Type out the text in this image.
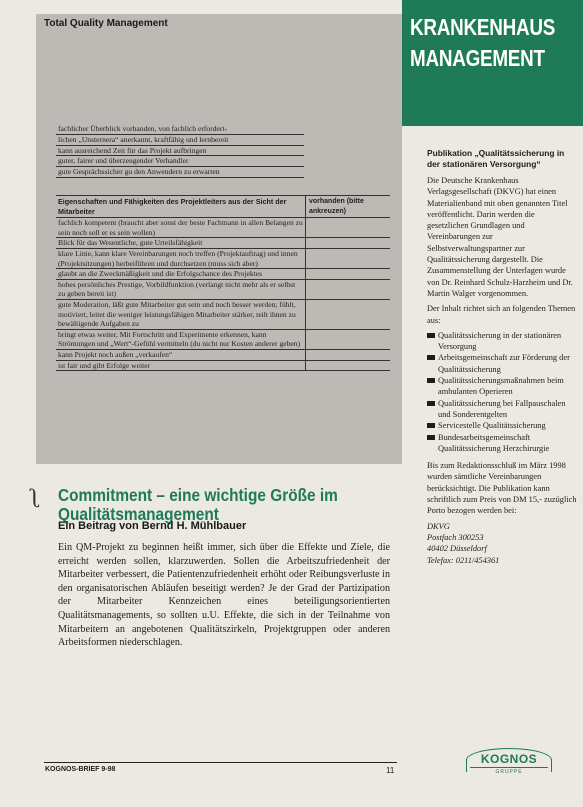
Total Quality Management
fachlicher Überblick vorhanden, von fachlich erfordert-
lichen „Unsternera“ anerkannt, kraftfähig und lernbereit
kann ausreichend Zeit für das Projekt aufbringen
guter, fairer und überzeugender Verhandler
gute Gesprächssicher gu den Anwendern zu erwarten
Eigenschaften und Fähigkeiten des Projektleiters aus der Sicht der Mitarbeiter
vorhanden (bitte ankreuzen)
fachlich kompetent (braucht aber sonst der beste Fachmann in allen Belangen zu sein noch soll er es sein wollen)
Blick für das Wesentliche, gute Urteilsfähigkeit
klare Linie, kann klare Vereinbarungen noch treffen (Projektauftrag) und innen (Projektsitzungen) herbeiführen und durchsetzen (muss sich aber)
glaubt an die Zweckmäßigkeit und die Erfolgschance des Projektes
hohes persönliches Prestige, Vorbildfunktion (verlangt nicht mehr als er selbst zu geben bereit ist)
gute Moderation, läßt gute Mitarbeiter gut sein und noch besser werden; fühlt, motiviert, leitet die weniger leistungsfähigen Mitarbeiter stärker, teilt ihnen zu bewältigende Aufgaben zu
bringt etwas weiter, Mit Fortschritt und Experimente erkennen, kann Strömungen und „Wert“-Gefühl vermitteln (du nicht nur Kosten anderer geben)
kann Projekt noch außen „verkaufen“
ist fair und gibt Erfolge weiter
KRANKENHAUS
MANAGEMENT
Publikation „Qualitätssicherung in der stationären Versorgung“

Die Deutsche Krankenhaus Verlagsgesellschaft (DKVG) hat einen Materialienband mit oben genannten Titel veröffentlicht. Darin werden die gesetzlichen Grundlagen und Vereinbarungen zur Selbstverwaltungspartner zur Qualitätssicherung dargestellt. Die Zusammenstellung der Unterlagen wurde von Dr. Reinhard Schulz-Harzheim und Dr. Martin Walger vorgenommen.

Der Inhalt richtet sich an folgenden Themen aus:

Qualitätssicherung in der stationären Versorgung
Arbeitsgemeinschaft zur Förderung der Qualitätssicherung
Qualitätssicherungsmaßnahmen beim ambulanten Operieren
Qualitätssicherung bei Fallpauschalen und Sonderentgelten
Servicestelle Qualitätssicherung
Bundesarbeitsgemeinschaft Qualitätssicherung Herzchirurgie

Bis zum Redaktionsschluß im März 1998 wurden sämtliche Vereinbarungen berücksichtigt. Die Publikation kann schriftlich zum Preis von DM 15,- zuzüglich Porto bezogen werden bei:

DKVG
Postfach 300253
40402 Düsseldorf
Telefax: 0211/454361
ʅ Commitment – eine wichtige Größe im Qualitätsmanagement
Ein Beitrag von Bernd H. Mühlbauer
Ein QM-Projekt zu beginnen heißt immer, sich über die Effekte und Ziele, die erreicht werden sollen, klarzuwerden. Sollen die Arbeitszufriedenheit der Mitarbeiter verbessert, die Patientenzufriedenheit erhöht oder Reibungsverluste in den organisatorischen Abläufen beseitigt werden? Je der Grad der Partizipation der Mitarbeiter Kennzeichen eines beteiligungsorientierten Qualitätsmanagements, so sollten u.U. Effekte, die sich in der Teilnahme von Mitarbeitern an angebotenen Qualitätszirkeln, Projektgruppen oder anderen Arbeitsformen niederschlagen.
KOGNOS-BRIEF 9-98	11
KOGNOS
GRUPPE
